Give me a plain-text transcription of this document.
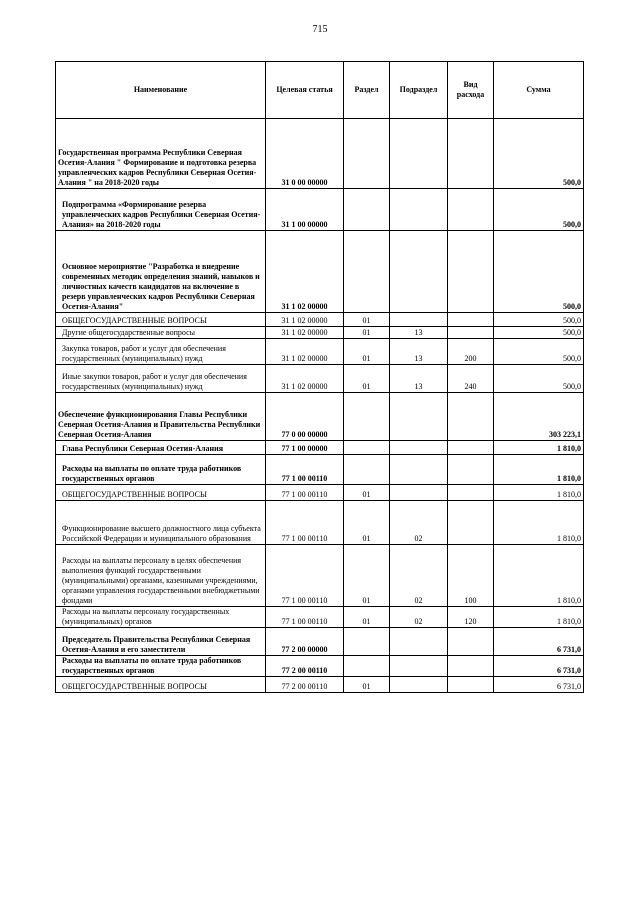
715
Наименование	Целевая статья	Раздел	Подраздел	Вид расхода	Сумма
Государственная программа Республики Северная Осетия-Алания " Формирование и подготовка резерва управленческих кадров Республики Северная Осетия-Алания " на 2018-2020 годы	31 0 00 00000				500,0
Подпрограмма «Формирование резерва управленческих кадров Республики Северная Осетия-Алания» на 2018-2020 годы	31 1 00 00000				500,0
Основное мероприятие "Разработка и внедрение современных методик определения знаний, навыков и личностных качеств кандидатов на включение в резерв управленческих кадров Республики Северная Осетия-Алания"	31 1 02 00000				500,0
ОБЩЕГОСУДАРСТВЕННЫЕ ВОПРОСЫ	31 1 02 00000	01			500,0
Другие общегосударственные вопросы	31 1 02 00000	01	13		500,0
Закупка товаров, работ и услуг для обеспечения государственных (муниципальных) нужд	31 1 02 00000	01	13	200	500,0
Иные закупки товаров, работ и услуг для обеспечения государственных (муниципальных) нужд	31 1 02 00000	01	13	240	500,0
Обеспечение функционирования Главы Республики Северная Осетия-Алания и Правительства Республики Северная Осетия-Алания	77 0 00 00000				303 223,1
Глава Республики Северная Осетия-Алания	77 1 00 00000				1 810,0
Расходы на выплаты по оплате труда работников государственных органов	77 1 00 00110				1 810,0
ОБЩЕГОСУДАРСТВЕННЫЕ ВОПРОСЫ	77 1 00 00110	01			1 810,0
Функционирование высшего должностного лица субъекта Российской Федерации и муниципального образования	77 1 00 00110	01	02		1 810,0
Расходы на выплаты персоналу в целях обеспечения выполнения функций государственными (муниципальными) органами, казенными учреждениями, органами управления государственными внебюджетными фондами	77 1 00 00110	01	02	100	1 810,0
Расходы на выплаты персоналу государственных (муниципальных) органов	77 1 00 00110	01	02	120	1 810,0
Председатель Правительства Республики Северная Осетия-Алания и его заместители	77 2 00 00000				6 731,0
Расходы на выплаты по оплате труда работников государственных органов	77 2 00 00110				6 731,0
ОБЩЕГОСУДАРСТВЕННЫЕ ВОПРОСЫ	77 2 00 00110	01			6 731,0
